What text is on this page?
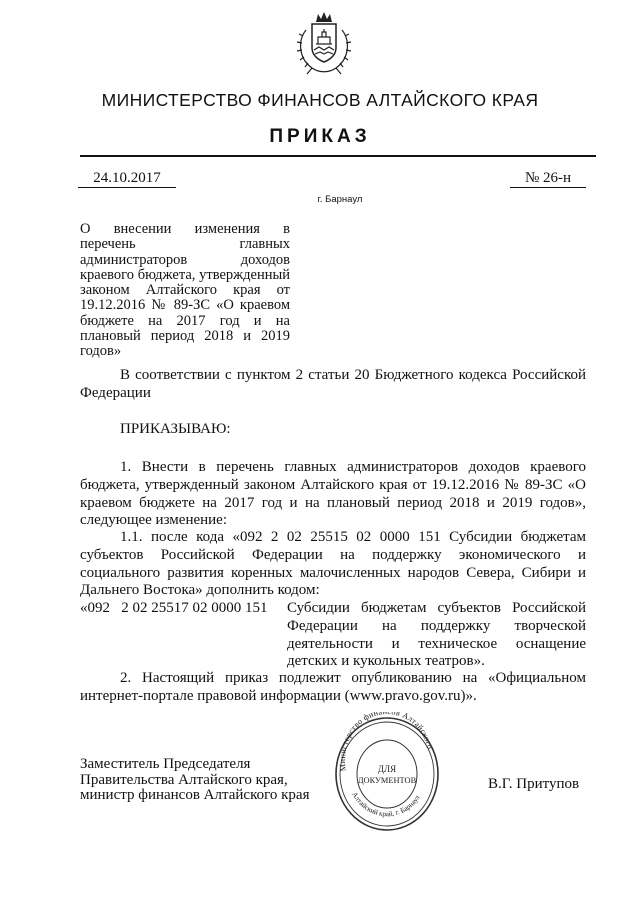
МИНИСТЕРСТВО ФИНАНСОВ АЛТАЙСКОГО КРАЯ
ПРИКАЗ
24.10.2017	№ 26-н
г. Барнаул
О внесении изменения в перечень главных администраторов доходов краевого бюджета, утвержденный законом Алтайского края от 19.12.2016 № 89-ЗС «О краевом бюджете на 2017 год и на плановый период 2018 и 2019 годов»
В соответствии с пунктом 2 статьи 20 Бюджетного кодекса Российской Федерации
ПРИКАЗЫВАЮ:
1. Внести в перечень главных администраторов доходов краевого бюджета, утвержденный законом Алтайского края от 19.12.2016 № 89-ЗС «О краевом бюджете на 2017 год и на плановый период 2018 и 2019 годов», следующее изменение:
1.1. после кода «092 2 02 25515 02 0000 151 Субсидии бюджетам субъектов Российской Федерации на поддержку экономического и социального развития коренных малочисленных народов Севера, Сибири и Дальнего Востока» дополнить кодом:
«092   2 02 25517 02 0000 151	Субсидии бюджетам субъектов Российской Федерации на поддержку творческой деятельности и техническое оснащение детских и кукольных театров».
2. Настоящий приказ подлежит опубликованию на «Официальном интернет-портале правовой информации (www.pravo.gov.ru)».
Заместитель Председателя
Правительства Алтайского края,
министр финансов Алтайского края
В.Г. Притупов
Министерство фина ов Алтайского
Алтайский край, г. Барнаул
ДЛЯ
ДОКУМЕНТОВ
